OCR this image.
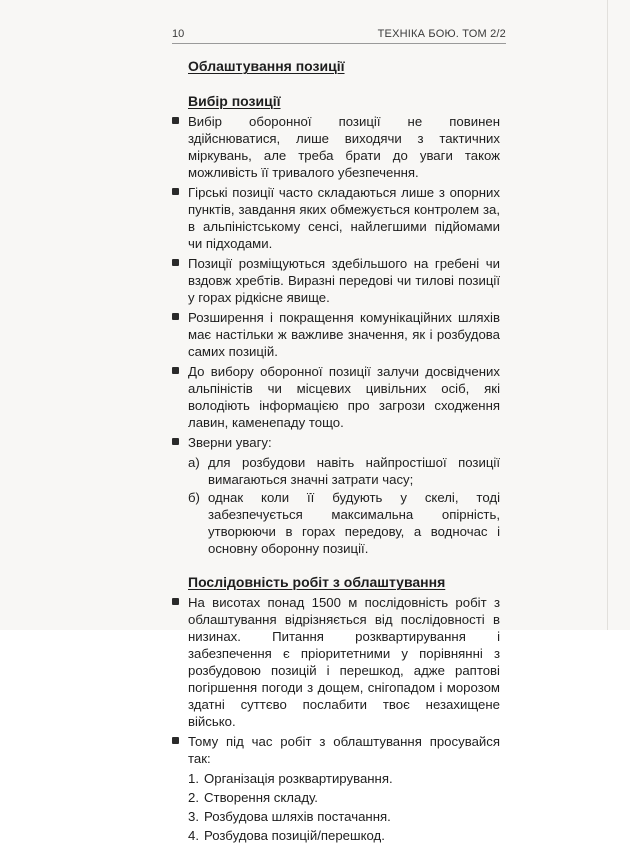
10	ТЕХНІКА БОЮ. ТОМ 2/2
Облаштування позиції
Вибір позиції
Вибір оборонної позиції не повинен здійснюватися, лише виходячи з тактичних міркувань, але треба брати до уваги також можливість її тривалого убезпечення.
Гірські позиції часто складаються лише з опорних пунктів, завдання яких обмежується контролем за, в альпіністському сенсі, найлегшими підйомами чи підходами.
Позиції розміщуються здебільшого на гребені чи вздовж хребтів. Виразні передові чи тилові позиції у горах рідкісне явище.
Розширення і покращення комунікаційних шляхів має настільки ж важливе значення, як і розбудова самих позицій.
До вибору оборонної позиції залучи досвідчених альпіністів чи місцевих цивільних осіб, які володіють інформацією про загрози сходження лавин, каменепаду тощо.
Зверни увагу:
а) для розбудови навіть найпростішої позиції вимагаються значні затрати часу;
б) однак коли її будують у скелі, тоді забезпечується максимальна опірність, утворюючи в горах передову, а водночас і основну оборонну позиції.
Послідовність робіт з облаштування
На висотах понад 1500 м послідовність робіт з облаштування відрізняється від послідовності в низинах. Питання розквартирування і забезпечення є пріоритетними у порівнянні з розбудовою позицій і перешкод, адже раптові погіршення погоди з дощем, снігопадом і морозом здатні суттєво послабити твоє незахищене військо.
Тому під час робіт з облаштування просувайся так:
1. Організація розквартирування.
2. Створення складу.
3. Розбудова шляхів постачання.
4. Розбудова позицій/перешкод.
